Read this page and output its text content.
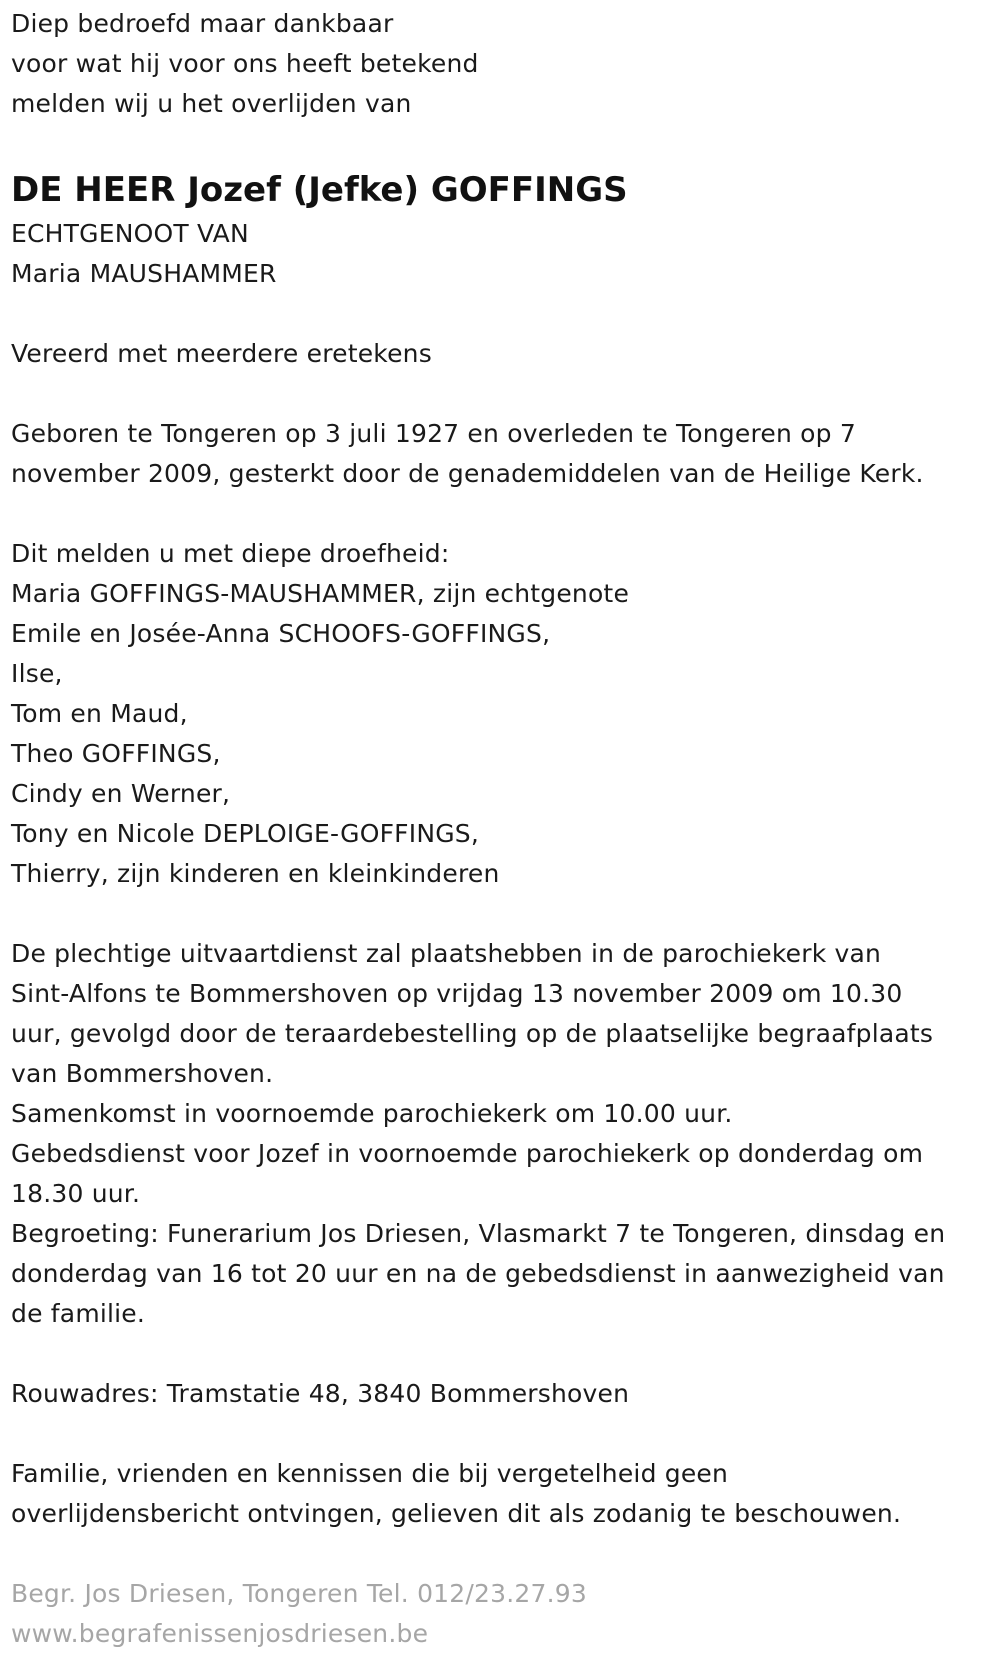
Diep bedroefd maar dankbaar
voor wat hij voor ons heeft betekend
melden wij u het overlijden van
DE HEER Jozef (Jefke) GOFFINGS
ECHTGENOOT VAN
Maria MAUSHAMMER
Vereerd met meerdere eretekens
Geboren te Tongeren op 3 juli 1927 en overleden te Tongeren op 7
november 2009, gesterkt door de genademiddelen van de Heilige Kerk.
Dit melden u met diepe droefheid:
Maria GOFFINGS-MAUSHAMMER, zijn echtgenote
Emile en Josée-Anna SCHOOFS-GOFFINGS,
Ilse,
Tom en Maud,
Theo GOFFINGS,
Cindy en Werner,
Tony en Nicole DEPLOIGE-GOFFINGS,
Thierry, zijn kinderen en kleinkinderen
De plechtige uitvaartdienst zal plaatshebben in de parochiekerk van
Sint-Alfons te Bommershoven op vrijdag 13 november 2009 om 10.30
uur, gevolgd door de teraardebestelling op de plaatselijke begraafplaats
van Bommershoven.
Samenkomst in voornoemde parochiekerk om 10.00 uur.
Gebedsdienst voor Jozef in voornoemde parochiekerk op donderdag om
18.30 uur.
Begroeting: Funerarium Jos Driesen, Vlasmarkt 7 te Tongeren, dinsdag en
donderdag van 16 tot 20 uur en na de gebedsdienst in aanwezigheid van
de familie.
Rouwadres: Tramstatie 48, 3840 Bommershoven
Familie, vrienden en kennissen die bij vergetelheid geen
overlijdensbericht ontvingen, gelieven dit als zodanig te beschouwen.
Begr. Jos Driesen, Tongeren Tel. 012/23.27.93
www.begrafenissenjosdriesen.be
